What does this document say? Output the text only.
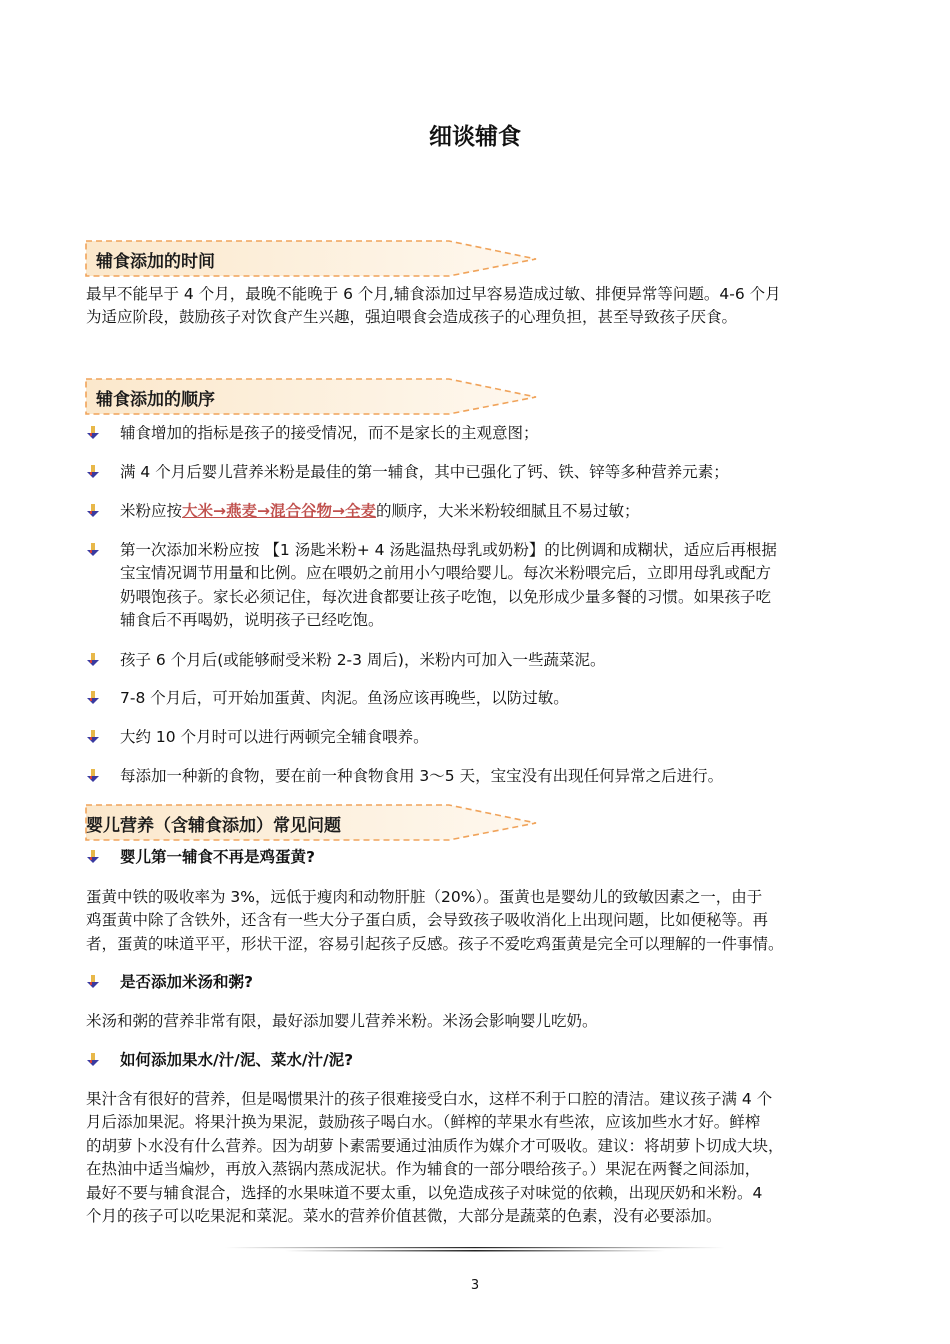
细谈辅食
辅食添加的时间
最早不能早于 4 个月，最晚不能晚于 6 个月,辅食添加过早容易造成过敏、排便异常等问题。4-6 个月
为适应阶段，鼓励孩子对饮食产生兴趣，强迫喂食会造成孩子的心理负担，甚至导致孩子厌食。
辅食添加的顺序
辅食增加的指标是孩子的接受情况，而不是家长的主观意图；
满 4 个月后婴儿营养米粉是最佳的第一辅食，其中已强化了钙、铁、锌等多种营养元素；
米粉应按大米→燕麦→混合谷物→全麦的顺序，大米米粉较细腻且不易过敏；
第一次添加米粉应按 【1 汤匙米粉+ 4 汤匙温热母乳或奶粉】的比例调和成糊状，适应后再根据
宝宝情况调节用量和比例。应在喂奶之前用小勺喂给婴儿。每次米粉喂完后，立即用母乳或配方
奶喂饱孩子。家长必须记住，每次进食都要让孩子吃饱，以免形成少量多餐的习惯。如果孩子吃
辅食后不再喝奶，说明孩子已经吃饱。
孩子 6 个月后(或能够耐受米粉 2-3 周后)，米粉内可加入一些蔬菜泥。
7-8 个月后，可开始加蛋黄、肉泥。鱼汤应该再晚些，以防过敏。
大约 10 个月时可以进行两顿完全辅食喂养。
每添加一种新的食物，要在前一种食物食用 3～5 天，宝宝没有出现任何异常之后进行。
婴儿营养（含辅食添加）常见问题
婴儿第一辅食不再是鸡蛋黄?
蛋黄中铁的吸收率为 3%，远低于瘦肉和动物肝脏（20%）。蛋黄也是婴幼儿的致敏因素之一，由于
鸡蛋黄中除了含铁外，还含有一些大分子蛋白质，会导致孩子吸收消化上出现问题，比如便秘等。再
者，蛋黄的味道平平，形状干涩，容易引起孩子反感。孩子不爱吃鸡蛋黄是完全可以理解的一件事情。
是否添加米汤和粥?
米汤和粥的营养非常有限，最好添加婴儿营养米粉。米汤会影响婴儿吃奶。
如何添加果水/汁/泥、菜水/汁/泥?
果汁含有很好的营养，但是喝惯果汁的孩子很难接受白水，这样不利于口腔的清洁。建议孩子满 4 个
月后添加果泥。将果汁换为果泥，鼓励孩子喝白水。（鲜榨的苹果水有些浓，应该加些水才好。鲜榨
的胡萝卜水没有什么营养。因为胡萝卜素需要通过油质作为媒介才可吸收。建议：将胡萝卜切成大块，
在热油中适当煸炒，再放入蒸锅内蒸成泥状。作为辅食的一部分喂给孩子。）果泥在两餐之间添加，
最好不要与辅食混合，选择的水果味道不要太重，以免造成孩子对味觉的依赖，出现厌奶和米粉。4
个月的孩子可以吃果泥和菜泥。菜水的营养价值甚微，大部分是蔬菜的色素，没有必要添加。
3
